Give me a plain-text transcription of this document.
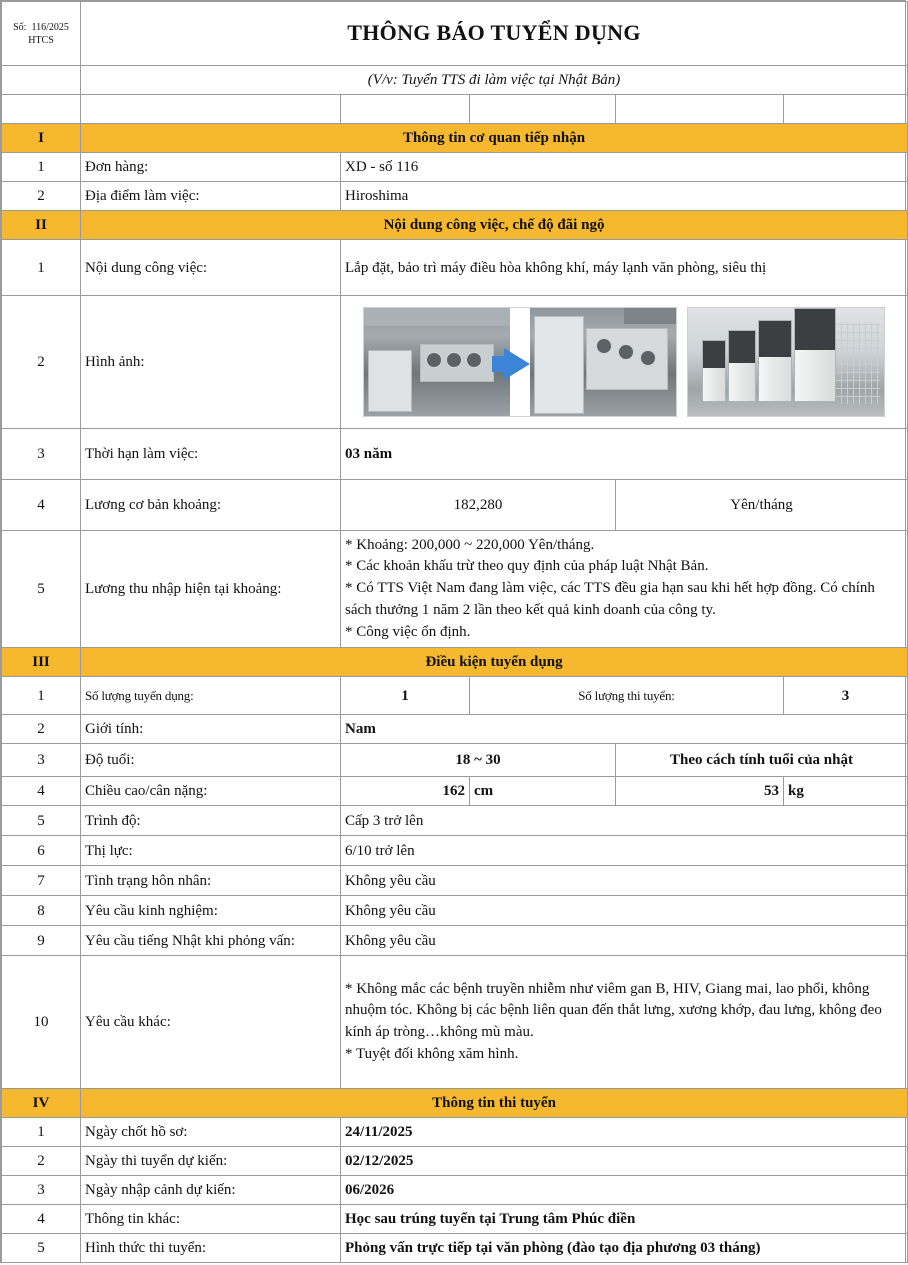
Số: 116/2025
HTCS	THÔNG BÁO TUYỂN DỤNG				
	(V/v: Tuyển TTS đi làm việc tại Nhật Bản)				

I	Thông tin cơ quan tiếp nhận				
1	Đơn hàng:	XD - số 116			
2	Địa điểm làm việc:	Hiroshima			
II	Nội dung công việc, chế độ đãi ngộ				
1	Nội dung công việc:	Lắp đặt, bảo trì máy điều hòa không khí, máy lạnh văn phòng, siêu thị			
2	Hình ảnh:				

3	Thời hạn làm việc:	03 năm			
4	Lương cơ bản khoảng:	182,280		Yên/tháng	
5	Lương thu nhập hiện tại khoảng:	* Khoảng: 200,000 ~ 220,000 Yên/tháng.
* Các khoản khấu trừ theo quy định của pháp luật Nhật Bản.
* Có TTS Việt Nam đang làm việc, các TTS đều gia hạn sau khi hết hợp đồng. Có chính sách thưởng 1 năm 2 lần theo kết quả kinh doanh của công ty.
* Công việc ổn định.			

III	Điều kiện tuyển dụng				
1	Số lượng tuyển dụng:	1	Số lượng thi tuyển:		3
2	Giới tính:	Nam			
3	Độ tuổi:	18 ~ 30		Theo cách tính tuổi của nhật	
4	Chiều cao/cân nặng:	162	cm	53	kg
5	Trình độ:	Cấp 3 trở lên			
6	Thị lực:	6/10 trở lên			
7	Tình trạng hôn nhân:	Không yêu cầu			
8	Yêu cầu kinh nghiệm:	Không yêu cầu			
9	Yêu cầu tiếng Nhật khi phỏng vấn:	Không yêu cầu			
10	Yêu cầu khác:	* Không mắc các bệnh truyền nhiễm như viêm gan B, HIV, Giang mai, lao phổi, không nhuộm tóc. Không bị các bệnh liên quan đến thắt lưng, xương khớp, đau lưng, không đeo kính áp tròng…không mù màu.
* Tuyệt đối không xăm hình.			

IV	Thông tin thi tuyển				
1	Ngày chốt hồ sơ:	24/11/2025			
2	Ngày thi tuyển dự kiến:	02/12/2025			
3	Ngày nhập cảnh dự kiến:	06/2026			
4	Thông tin khác:	Học sau trúng tuyển tại Trung tâm Phúc điền			
5	Hình thức thi tuyển:	Phỏng vấn trực tiếp tại văn phòng (đào tạo địa phương 03 tháng)			
